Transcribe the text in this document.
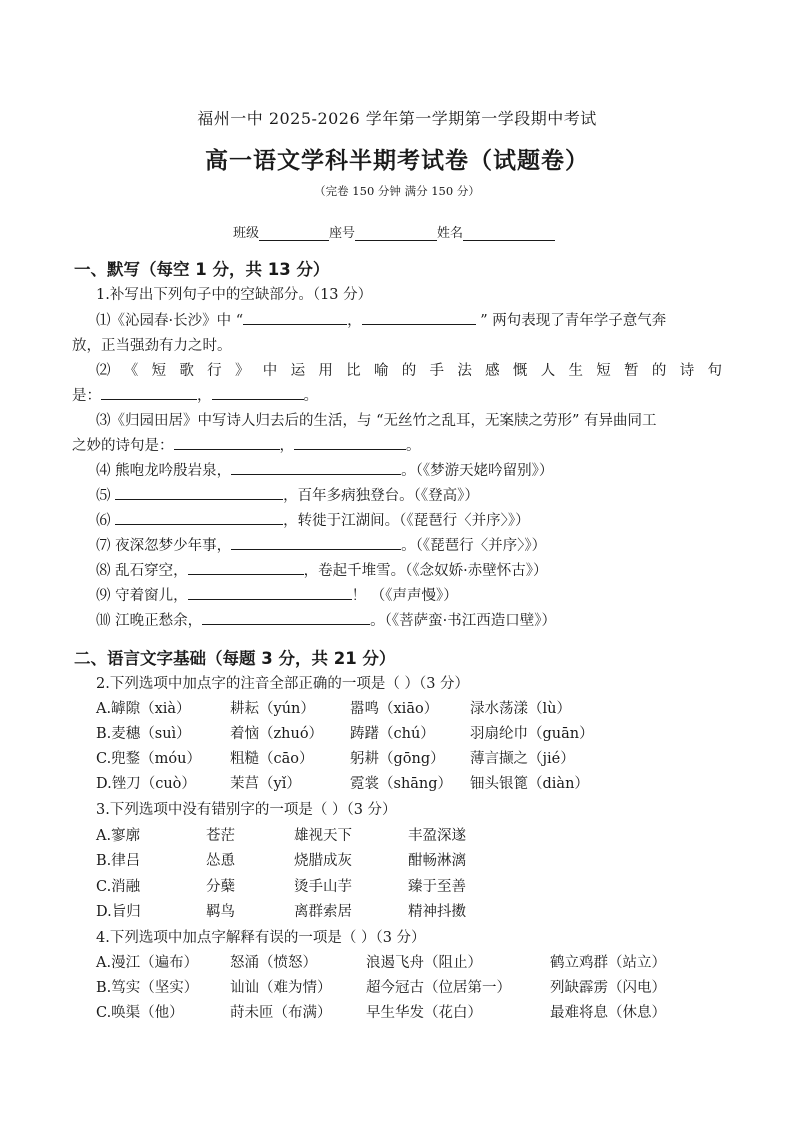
福州一中 2025-2026 学年第一学期第一学段期中考试
高一语文学科半期考试卷（试题卷）
（完卷 150 分钟 满分 150 分）
班级	座号	姓名
一、默写（每空 1 分，共 13 分）
1.补写出下列句子中的空缺部分。（13 分）
⑴《沁园春·长沙》中 “	，	” 两句表现了青年学子意气奔
放，正当强劲有力之时。
⑵ 《 短 歌 行 》 中 运 用 比 喻 的 手 法 感 慨 人 生 短 暂 的 诗 句
是：	，	。
⑶《归园田居》中写诗人归去后的生活，与 “无丝竹之乱耳，无案牍之劳形” 有异曲同工
之妙的诗句是：	，	。
⑷ 熊咆龙吟殷岩泉，	。（《梦游天姥吟留别》）
⑸	，百年多病独登台。（《登高》）
⑹	，转徙于江湖间。（《琵琶行〈并序〉》）
⑺ 夜深忽梦少年事，	。（《琵琶行〈并序〉》）
⑻ 乱石穿空，	，卷起千堆雪。（《念奴娇·赤壁怀古》）
⑼ 守着窗儿，	！ （《声声慢》）
⑽ 江晚正愁余，	。（《菩萨蛮·书江西造口壁》）
二、语言文字基础（每题 3 分，共 21 分）
2.下列选项中加点字的注音全部正确的一项是（ ）（3 分）
A.罅隙（xià）	耕耘（yún） 嚣鸣（xiāo） 渌水荡漾（lù）
B.麦穗（suì）	着恼（zhuó） 踌躇（chú） 羽扇纶巾（guān）
C.兜鍪（móu） 粗糙（cāo）	躬耕（gōng） 薄言撷之（jié）
D.锉刀（cuò） 茉莒（yǐ）	霓裳（shāng） 钿头银篦（diàn）
3.下列选项中没有错别字的一项是（ ）（3 分）
A.寥廓	苍茫	雄视天下	丰盈深遂
B.律吕	怂恿	烧腊成灰	酣畅淋漓
C.消融	分蘖	烫手山芋	臻于至善
D.旨归	羁鸟	离群索居	精神抖擞
4.下列选项中加点字解释有误的一项是（ ）（3 分）
A.漫江（遍布） 怒涌（愤怒）	浪遏飞舟（阻止）	鹤立鸡群（站立）
B.笃实（坚实） 讪讪（难为情） 超今冠古（位居第一）	列缺霹雳（闪电）
C.唤渠（他）	莳未匝（布满） 早生华发（花白）	最难将息（休息）
